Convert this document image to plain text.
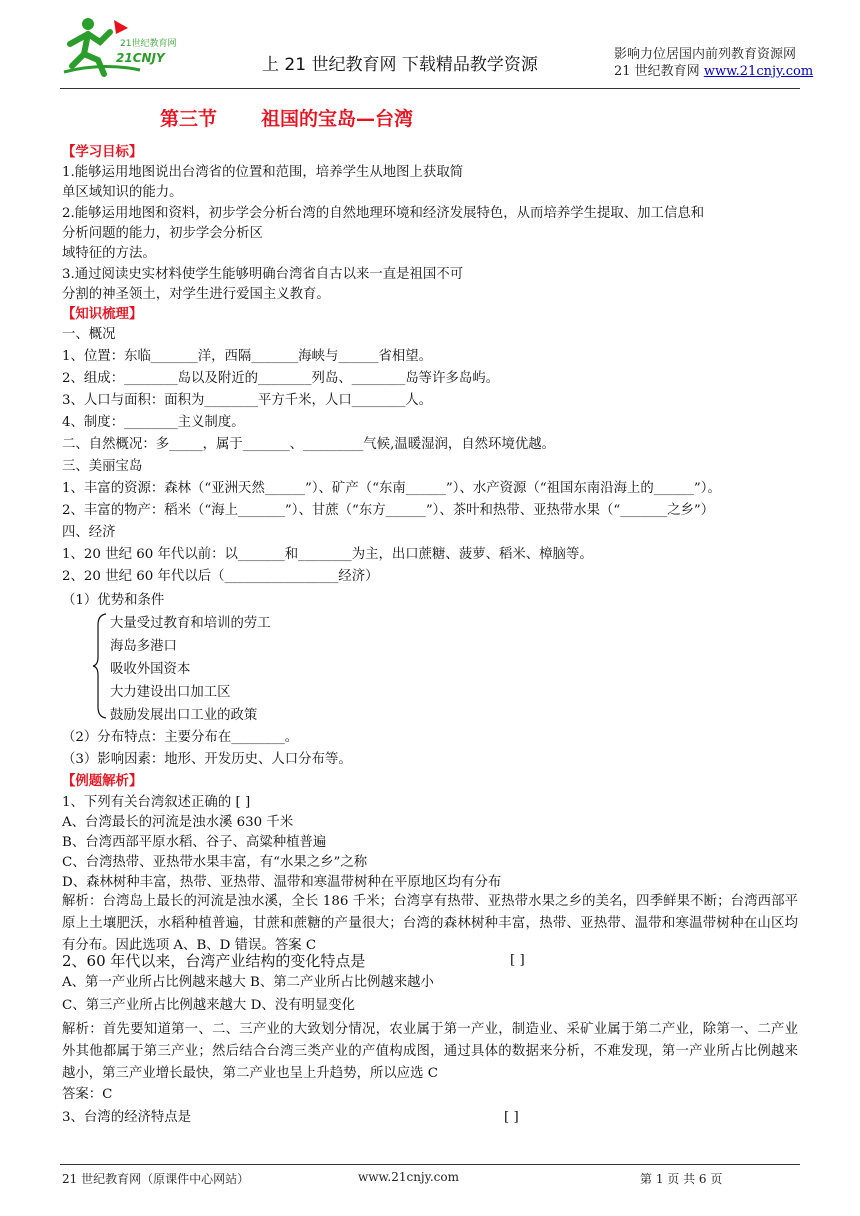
21世纪教育网
21CNJY	上 21 世纪教育网 下载精品教学资源
影响力位居国内前列教育资源网
21 世纪教育网 www.21cnjy.com
第三节 祖国的宝岛—台湾
【学习目标】
1.能够运用地图说出台湾省的位置和范围，培养学生从地图上获取简
单区域知识的能力。
2.能够运用地图和资料，初步学会分析台湾的自然地理环境和经济发展特色，从而培养学生提取、加工信息和
分析问题的能力，初步学会分析区
域特征的方法。
3.通过阅读史实材料使学生能够明确台湾省自古以来一直是祖国不可
分割的神圣领土，对学生进行爱国主义教育。
【知识梳理】
一、概况
1、位置：东临_______洋，西隔_______海峡与______省相望。
2、组成：________岛以及附近的________列岛、________岛等许多岛屿。
3、人口与面积：面积为________平方千米，人口________人。
4、制度：________主义制度。
二、自然概况：多_____，属于_______、_________气候,温暖湿润，自然环境优越。
三、美丽宝岛
1、丰富的资源：森林（“亚洲天然______”）、矿产（“东南______”）、水产资源（“祖国东南沿海上的______”）。
2、丰富的物产：稻米（“海上_______”）、甘蔗（“东方______”）、茶叶和热带、亚热带水果（“_______之乡”）
四、经济
1、20 世纪 60 年代以前：以_______和________为主，出口蔗糖、菠萝、稻米、樟脑等。
2、20 世纪 60 年代以后（_________________经济）
（1）优势和条件
大量受过教育和培训的劳工
海岛多港口
吸收外国资本
大力建设出口加工区
鼓励发展出口工业的政策
（2）分布特点：主要分布在________。
（3）影响因素：地形、开发历史、人口分布等。
【例题解析】
1、下列有关台湾叙述正确的 [ ]
A、台湾最长的河流是浊水溪 630 千米
B、台湾西部平原水稻、谷子、高粱种植普遍
C、台湾热带、亚热带水果丰富，有“水果之乡”之称
D、森林树种丰富，热带、亚热带、温带和寒温带树种在平原地区均有分布
解析：台湾岛上最长的河流是浊水溪，全长 186 千米；台湾享有热带、亚热带水果之乡的美名，四季鲜果不断；台湾西部平原上土壤肥沃，水稻种植普遍，甘蔗和蔗糖的产量很大；台湾的森林树种丰富，热带、亚热带、温带和寒温带树种在山区均有分布。因此选项 A、B、D 错误。答案 C
2、60 年代以来，台湾产业结构的变化特点是	[ ]
A、第一产业所占比例越来越大 B、第二产业所占比例越来越小
C、第三产业所占比例越来越大 D、没有明显变化
解析：首先要知道第一、二、三产业的大致划分情况，农业属于第一产业，制造业、采矿业属于第二产业，除第一、二产业外其他都属于第三产业；然后结合台湾三类产业的产值构成图，通过具体的数据来分析，不难发现，第一产业所占比例越来越小，第三产业增长最快，第二产业也呈上升趋势，所以应选 C
答案：C
3、台湾的经济特点是	[ ]
21 世纪教育网（原课件中心网站）	www.21cnjy.com	第 1 页 共 6 页
